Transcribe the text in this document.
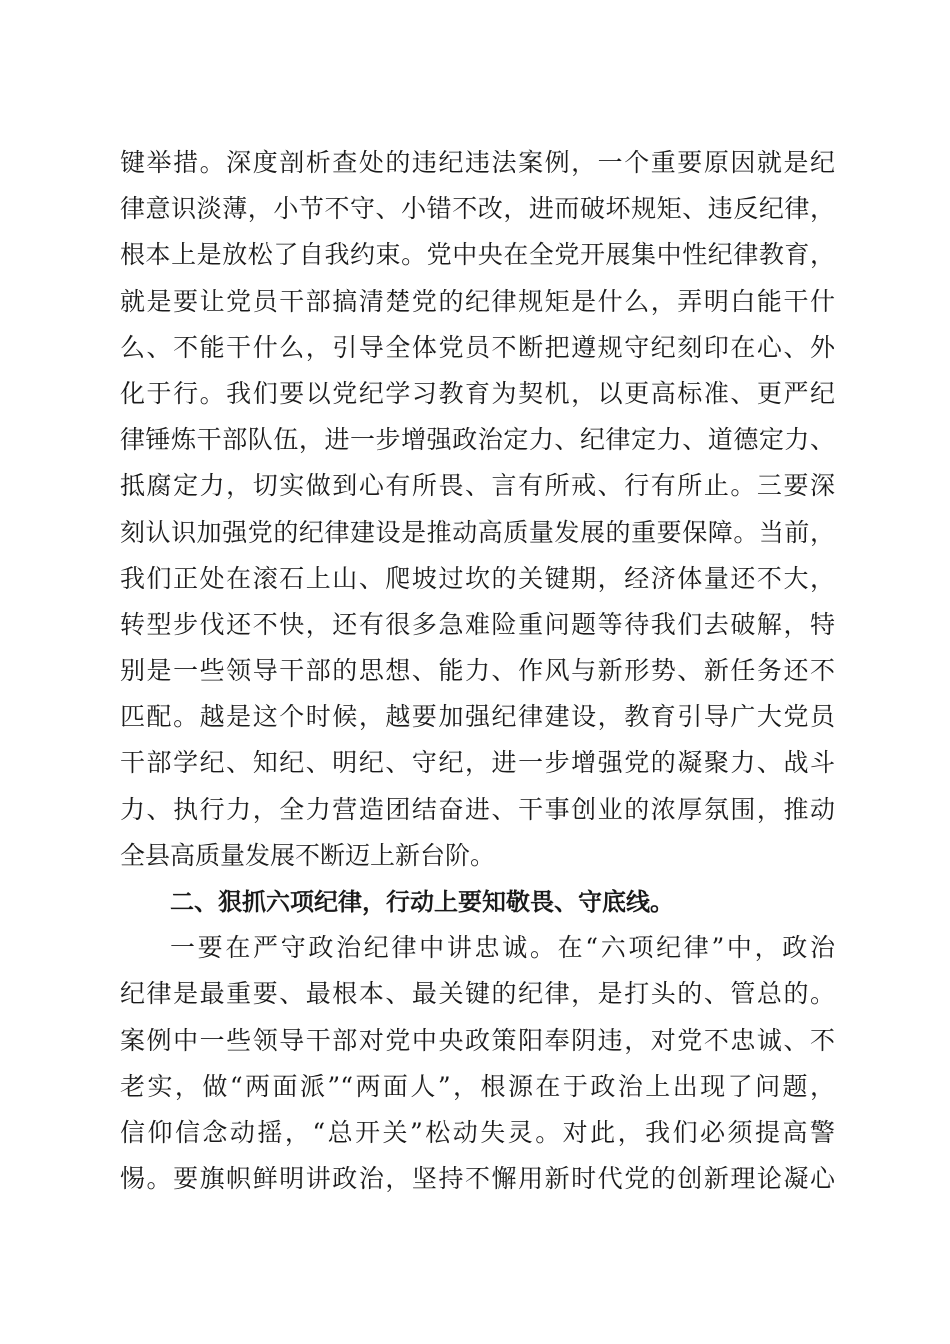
键举措。深度剖析查处的违纪违法案例，一个重要原因就是纪
律意识淡薄，小节不守、小错不改，进而破坏规矩、违反纪律，
根本上是放松了自我约束。党中央在全党开展集中性纪律教育，
就是要让党员干部搞清楚党的纪律规矩是什么，弄明白能干什
么、不能干什么，引导全体党员不断把遵规守纪刻印在心、外
化于行。我们要以党纪学习教育为契机，以更高标准、更严纪
律锤炼干部队伍，进一步增强政治定力、纪律定力、道德定力、
抵腐定力，切实做到心有所畏、言有所戒、行有所止。三要深
刻认识加强党的纪律建设是推动高质量发展的重要保障。当前，
我们正处在滚石上山、爬坡过坎的关键期，经济体量还不大，
转型步伐还不快，还有很多急难险重问题等待我们去破解，特
别是一些领导干部的思想、能力、作风与新形势、新任务还不
匹配。越是这个时候，越要加强纪律建设，教育引导广大党员
干部学纪、知纪、明纪、守纪，进一步增强党的凝聚力、战斗
力、执行力，全力营造团结奋进、干事创业的浓厚氛围，推动
全县高质量发展不断迈上新台阶。
二、狠抓六项纪律，行动上要知敬畏、守底线。
一要在严守政治纪律中讲忠诚。在“六项纪律”中，政治
纪律是最重要、最根本、最关键的纪律，是打头的、管总的。
案例中一些领导干部对党中央政策阳奉阴违，对党不忠诚、不
老实，做“两面派”“两面人”，根源在于政治上出现了问题，
信仰信念动摇，“总开关”松动失灵。对此，我们必须提高警
惕。要旗帜鲜明讲政治，坚持不懈用新时代党的创新理论凝心
